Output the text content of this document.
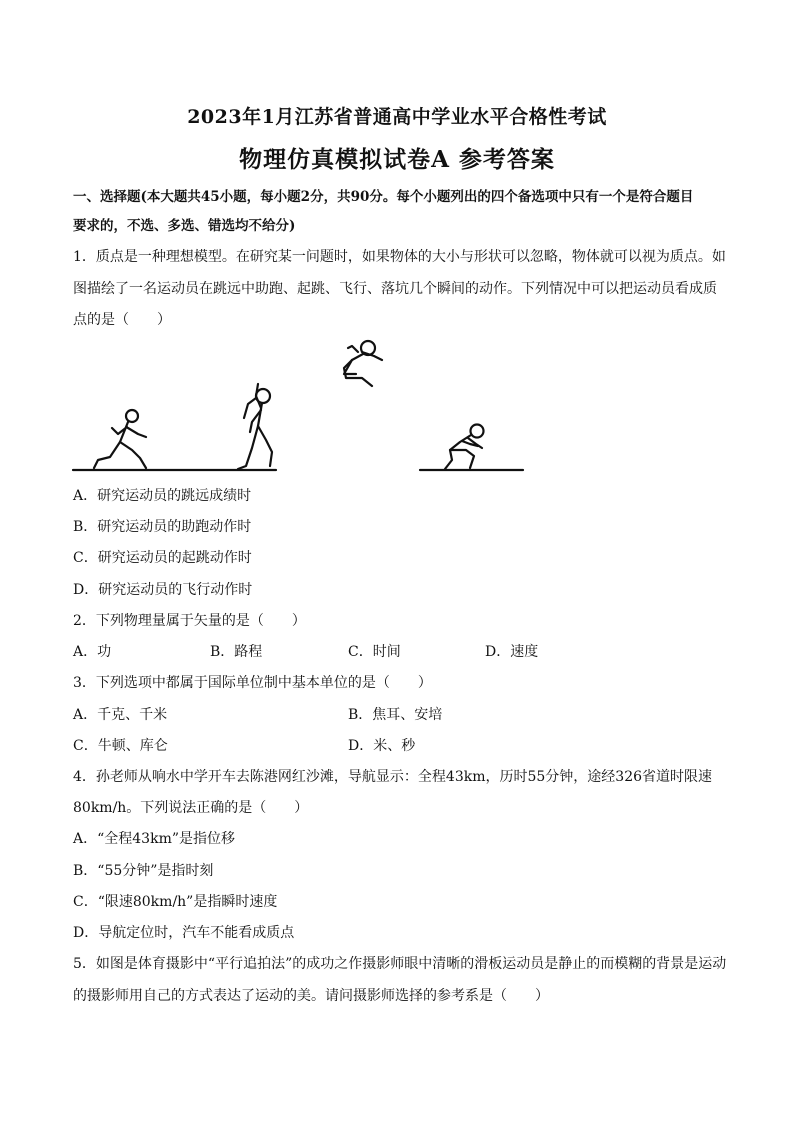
2023年1月江苏省普通高中学业水平合格性考试
物理仿真模拟试卷A 参考答案
一、选择题(本大题共45小题，每小题2分，共90分。每个小题列出的四个备选项中只有一个是符合题目
要求的，不选、多选、错选均不给分)
1．质点是一种理想模型。在研究某一问题时，如果物体的大小与形状可以忽略，物体就可以视为质点。如
图描绘了一名运动员在跳远中助跑、起跳、飞行、落坑几个瞬间的动作。下列情况中可以把运动员看成质
点的是（　　）
A．研究运动员的跳远成绩时
B．研究运动员的助跑动作时
C．研究运动员的起跳动作时
D．研究运动员的飞行动作时
2．下列物理量属于矢量的是（　　）
A．功	B．路程	C．时间	D．速度
3．下列选项中都属于国际单位制中基本单位的是（　　）
A．千克、千米	B．焦耳、安培
C．牛顿、库仑	D．米、秒
4．孙老师从响水中学开车去陈港网红沙滩，导航显示：全程43km，历时55分钟，途经326省道时限速
80km/h。下列说法正确的是（　　）
A．“全程43km”是指位移
B．“55分钟”是指时刻
C．“限速80km/h”是指瞬时速度
D．导航定位时，汽车不能看成质点
5．如图是体育摄影中“平行追拍法”的成功之作摄影师眼中清晰的滑板运动员是静止的而模糊的背景是运动
的摄影师用自己的方式表达了运动的美。请问摄影师选择的参考系是（　　）
